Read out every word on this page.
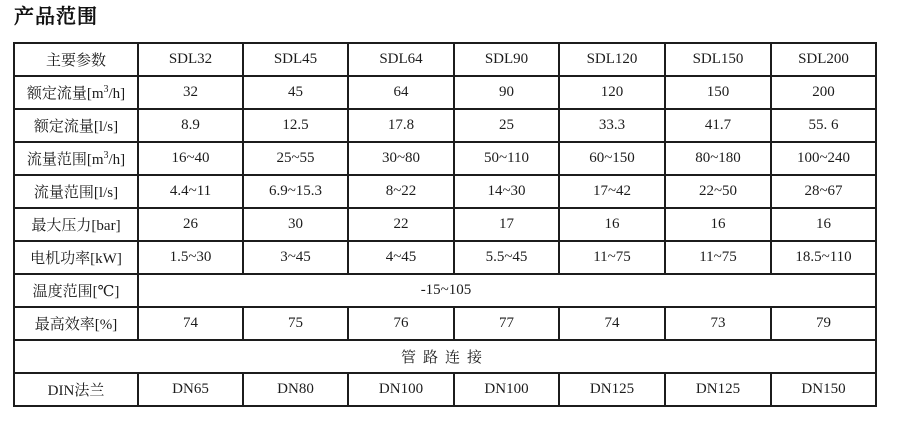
产品范围
主要参数	SDL32	SDL45	SDL64	SDL90	SDL120	SDL150	SDL200
额定流量$[m^3/h]$	32	45	64	90	120	150	200
额定流量[l/s]	8.9	12.5	17.8	25	33.3	41.7	55. 6
流量范围$[m^3/h]$	16~40	25~55	30~80	50~110	60~150	80~180	100~240
流量范围[l/s]	4.4~11	6.9~15.3	8~22	14~30	17~42	22~50	28~67
最大压力[bar]	26	30	22	17	16	16	16
电机功率[kW]	1.5~30	3~45	4~45	5.5~45	11~75	11~75	18.5~110
温度范围[℃]	-15~105						
最高效率[%]	74	75	76	77	74	73	79
管路连接							
DIN法兰	DN65	DN80	DN100	DN100	DN125	DN125	DN150
